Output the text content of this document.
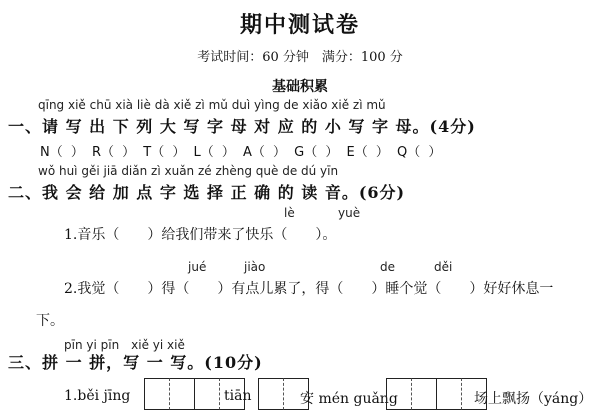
期中测试卷
考试时间：60 分钟　满分：100 分
基础积累
qīng xiě chū xià liè dà xiě zì mǔ duì yìng de xiǎo xiě zì mǔ
一、请 写 出 下 列 大 写 字 母 对 应 的 小 写 字 母。(4分)
N（ ） R（ ） T（ ） L（ ） A（ ） G（ ） E（ ） Q（ ）
wǒ huì gěi jiā diǎn zì xuǎn zé zhèng què de dú yīn
二、我 会 给 加 点 字 选 择 正 确 的 读 音。(6分)
lè	yuè
1.音乐（　　）给我们带来了快乐（　　）。
jué	jiào	de	děi
2.我觉（　　）得（　　）有点儿累了，得（　　）睡个觉（　　）好好休息一
下。
pīn yi pīn　xiě yi xiě
三、拼 一 拼，写 一 写。(10分)
1.běi jīng	tiān	安 mén guǎng	场上飘扬（yáng）
